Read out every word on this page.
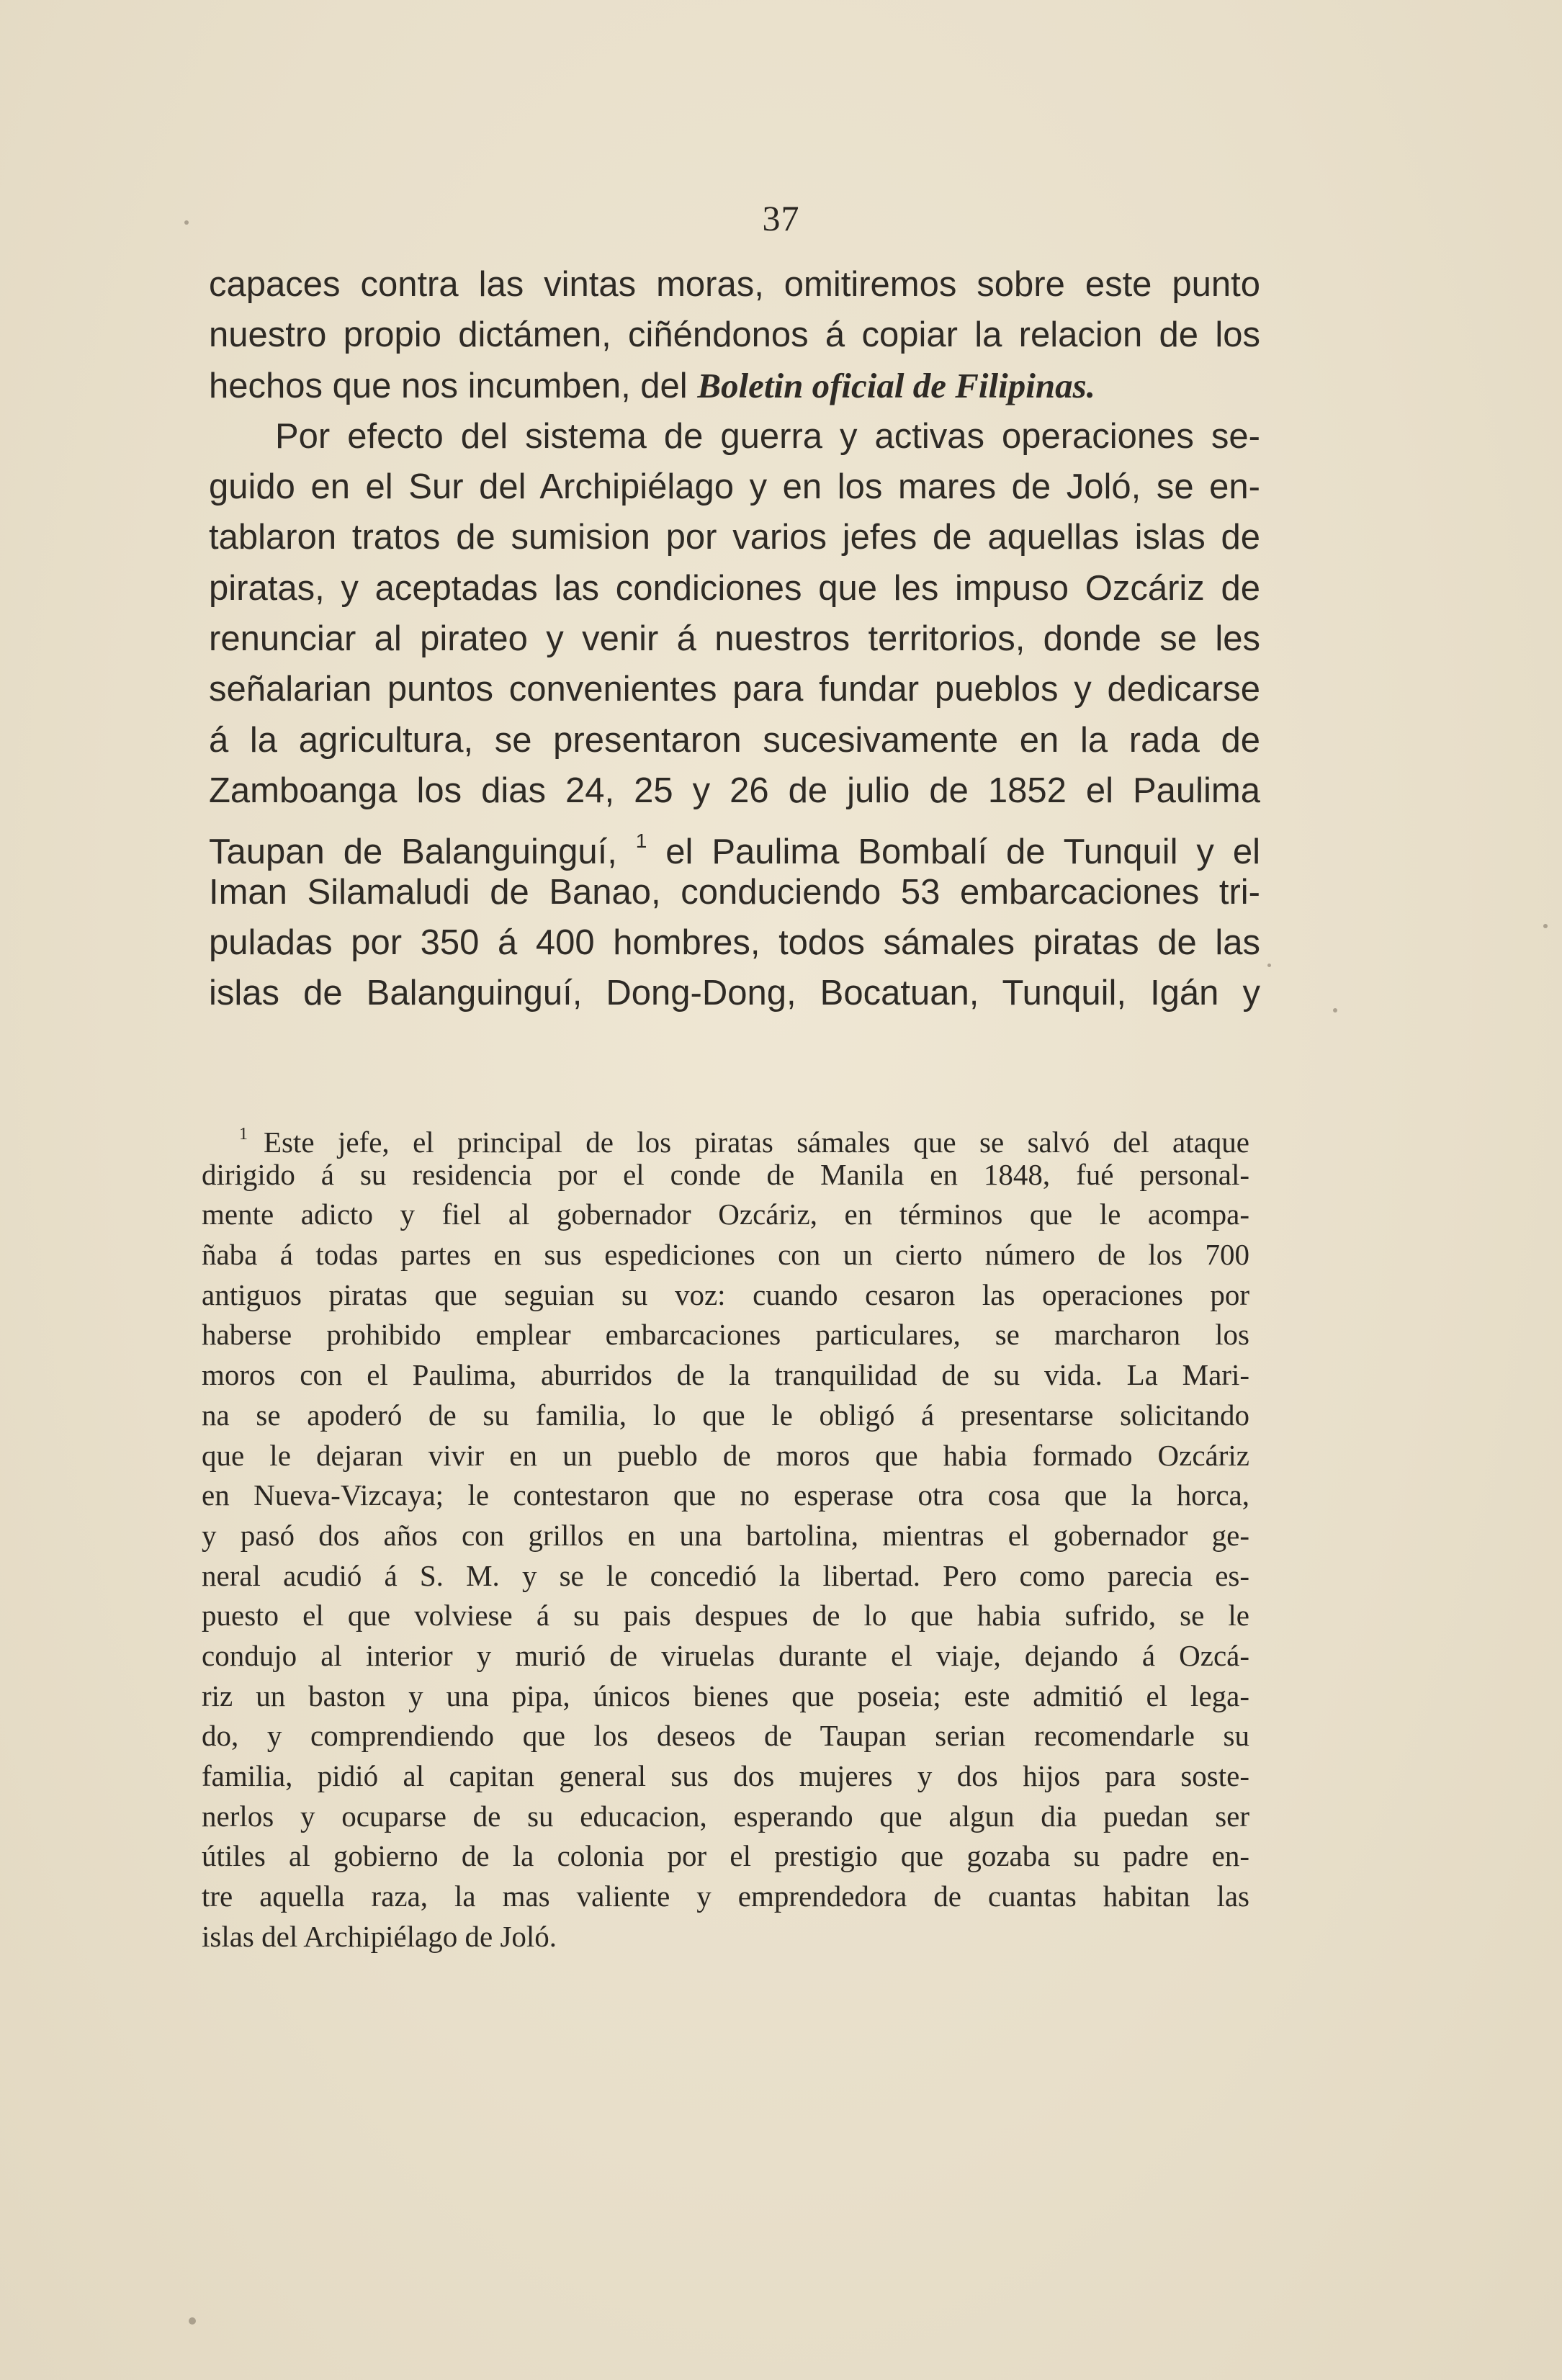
37
capaces contra las vintas moras, omitiremos sobre este punto
nuestro propio dictámen, ciñéndonos á copiar la relacion de los
hechos que nos incumben, del Boletin oficial de Filipinas.
Por efecto del sistema de guerra y activas operaciones se-
guido en el Sur del Archipiélago y en los mares de Joló, se en-
tablaron tratos de sumision por varios jefes de aquellas islas de
piratas, y aceptadas las condiciones que les impuso Ozcáriz de
renunciar al pirateo y venir á nuestros territorios, donde se les
señalarian puntos convenientes para fundar pueblos y dedicarse
á la agricultura, se presentaron sucesivamente en la rada de
Zamboanga los dias 24, 25 y 26 de julio de 1852 el Paulima
Taupan de Balanguinguí, $^1$ el Paulima Bombalí de Tunquil y el
Iman Silamaludi de Banao, conduciendo 53 embarcaciones tri-
puladas por 350 á 400 hombres, todos sámales piratas de las
islas de Balanguinguí, Dong-Dong, Bocatuan, Tunquil, Igán y
$^1$ Este jefe, el principal de los piratas sámales que se salvó del ataque
dirigido á su residencia por el conde de Manila en 1848, fué personal-
mente adicto y fiel al gobernador Ozcáriz, en términos que le acompa-
ñaba á todas partes en sus espediciones con un cierto número de los 700
antiguos piratas que seguian su voz: cuando cesaron las operaciones por
haberse prohibido emplear embarcaciones particulares, se marcharon los
moros con el Paulima, aburridos de la tranquilidad de su vida. La Mari-
na se apoderó de su familia, lo que le obligó á presentarse solicitando
que le dejaran vivir en un pueblo de moros que habia formado Ozcáriz
en Nueva-Vizcaya; le contestaron que no esperase otra cosa que la horca,
y pasó dos años con grillos en una bartolina, mientras el gobernador ge-
neral acudió á S. M. y se le concedió la libertad. Pero como parecia es-
puesto el que volviese á su pais despues de lo que habia sufrido, se le
condujo al interior y murió de viruelas durante el viaje, dejando á Ozcá-
riz un baston y una pipa, únicos bienes que poseia; este admitió el lega-
do, y comprendiendo que los deseos de Taupan serian recomendarle su
familia, pidió al capitan general sus dos mujeres y dos hijos para soste-
nerlos y ocuparse de su educacion, esperando que algun dia puedan ser
útiles al gobierno de la colonia por el prestigio que gozaba su padre en-
tre aquella raza, la mas valiente y emprendedora de cuantas habitan las
islas del Archipiélago de Joló.
